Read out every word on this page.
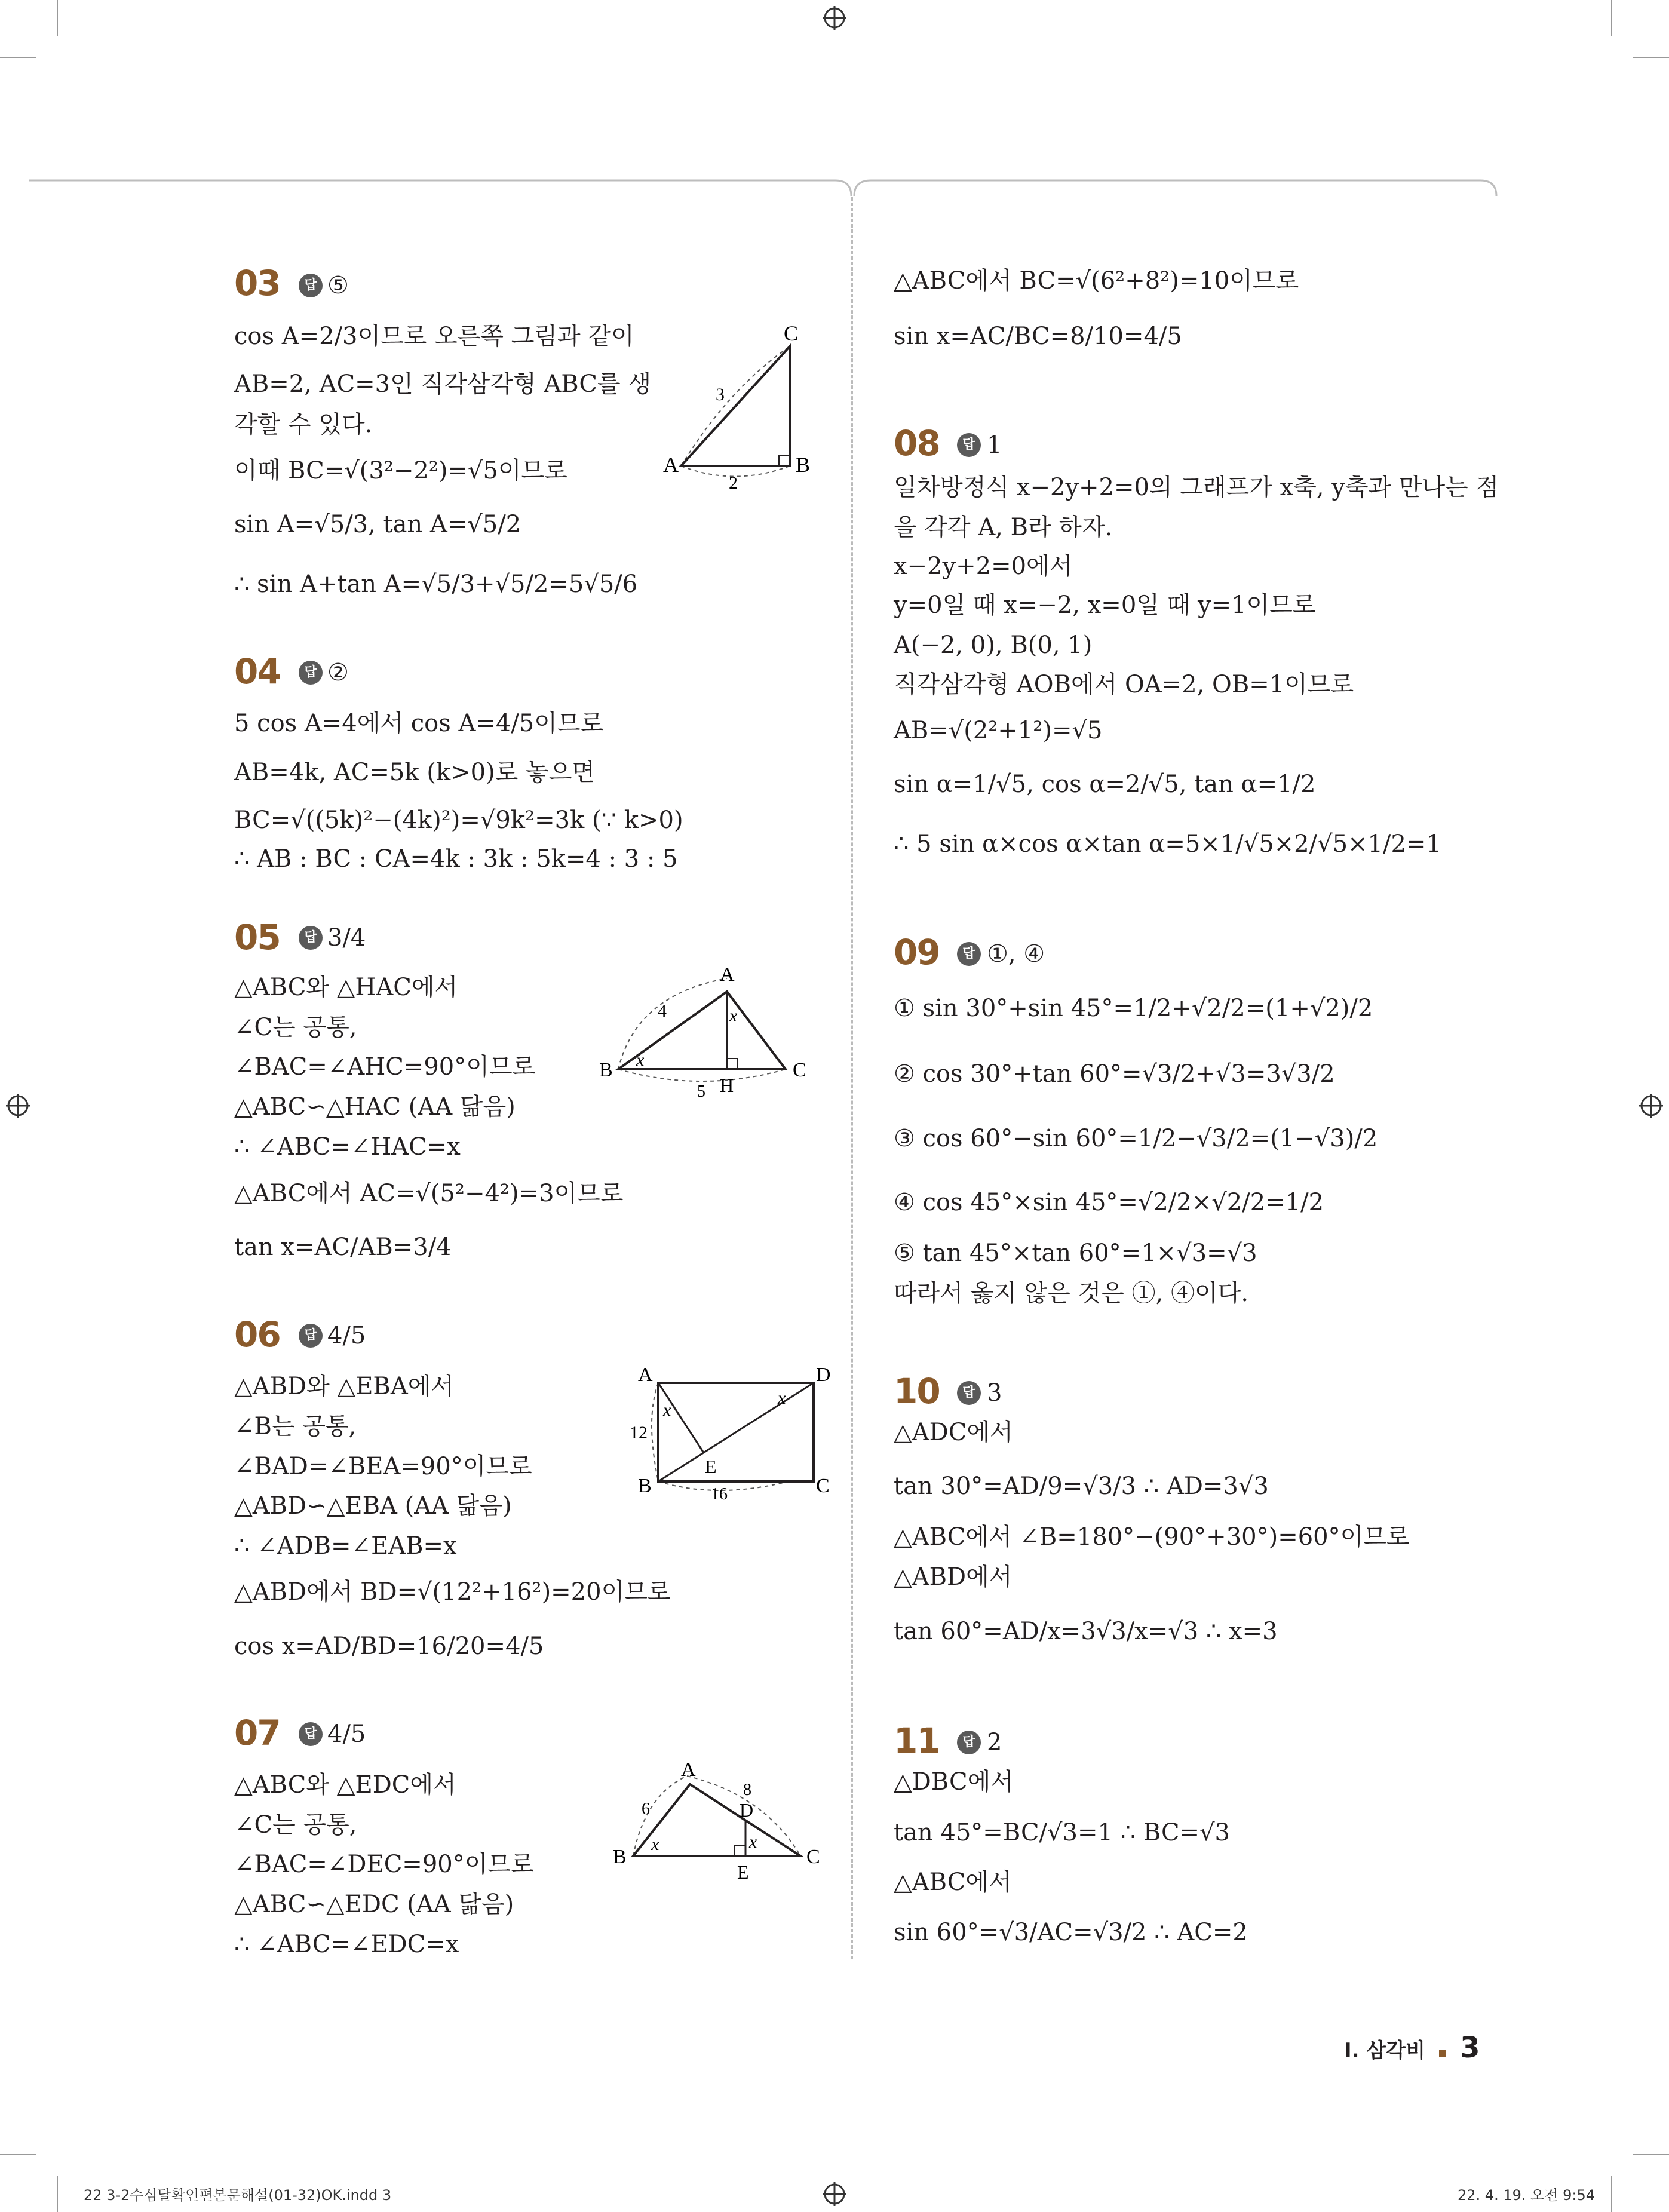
03	답 ⑤
cos A=2/3이므로 오른쪽 그림과 같이
AB=2, AC=3인 직각삼각형 ABC를 생
각할 수 있다.
이때 BC=√(3²−2²)=√5이므로
sin A=√5/3, tan A=√5/2
∴ sin A+tan A=√5/3+√5/2=5√5/6
A	B
C
2
3
04	답 ②
5 cos A=4에서 cos A=4/5이므로
AB=4k, AC=5k (k>0)로 놓으면
BC=√((5k)²−(4k)²)=√9k²=3k (∵ k>0)
∴ AB : BC : CA=4k : 3k : 5k=4 : 3 : 5
05	답 3/4
△ABC와 △HAC에서
∠C는 공통,
∠BAC=∠AHC=90°이므로
△ABC∽△HAC (AA 닮음)
∴ ∠ABC=∠HAC=x
△ABC에서 AC=√(5²−4²)=3이므로
tan x=AC/AB=3/4
B	C
A
H
4
5
x
x
06	답 4/5
△ABD와 △EBA에서
∠B는 공통,
∠BAD=∠BEA=90°이므로
△ABD∽△EBA (AA 닮음)
∴ ∠ADB=∠EAB=x
△ABD에서 BD=√(12²+16²)=20이므로
cos x=AD/BD=16/20=4/5
A
B	C
D
E
12
16
x
x
07	답 4/5
△ABC와 △EDC에서
∠C는 공통,
∠BAC=∠DEC=90°이므로
△ABC∽△EDC (AA 닮음)
∴ ∠ABC=∠EDC=x
B	C
A
D
E
6
8
x	x
△ABC에서 BC=√(6²+8²)=10이므로
sin x=AC/BC=8/10=4/5
08	답 1
일차방정식 x−2y+2=0의 그래프가 x축, y축과 만나는 점
을 각각 A, B라 하자.
x−2y+2=0에서
y=0일 때 x=−2, x=0일 때 y=1이므로
A(−2, 0), B(0, 1)
직각삼각형 AOB에서 OA=2, OB=1이므로
AB=√(2²+1²)=√5
sin α=1/√5, cos α=2/√5, tan α=1/2
∴ 5 sin α×cos α×tan α=5×1/√5×2/√5×1/2=1
09	답 ①, ④
① sin 30°+sin 45°=1/2+√2/2=(1+√2)/2
② cos 30°+tan 60°=√3/2+√3=3√3/2
③ cos 60°−sin 60°=1/2−√3/2=(1−√3)/2
④ cos 45°×sin 45°=√2/2×√2/2=1/2
⑤ tan 45°×tan 60°=1×√3=√3
따라서 옳지 않은 것은 ①, ④이다.
10	답 3
△ADC에서
tan 30°=AD/9=√3/3 ∴ AD=3√3
△ABC에서 ∠B=180°−(90°+30°)=60°이므로
△ABD에서
tan 60°=AD/x=3√3/x=√3 ∴ x=3
11	답 2
△DBC에서
tan 45°=BC/√3=1 ∴ BC=√3
△ABC에서
sin 60°=√3/AC=√3/2 ∴ AC=2
Ⅰ. 삼각비 3
22 3-2수심달확인편본문해설(01-32)OK.indd 3	22. 4. 19. 오전 9:54
